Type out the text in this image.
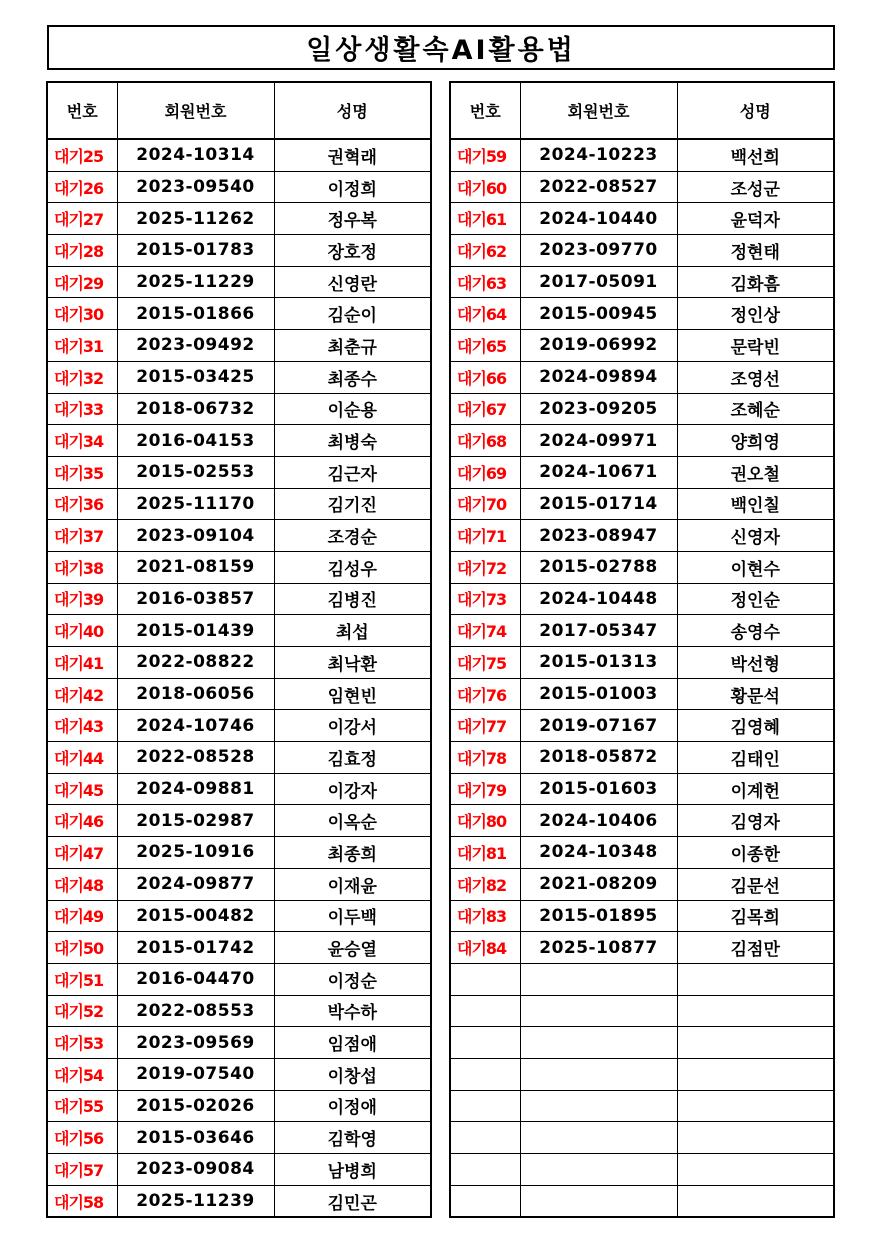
일상생활속AI활용법
번호	회원번호	성명
대기25	2024-10314	권혁래
대기26	2023-09540	이정희
대기27	2025-11262	정우복
대기28	2015-01783	장호정
대기29	2025-11229	신영란
대기30	2015-01866	김순이
대기31	2023-09492	최춘규
대기32	2015-03425	최종수
대기33	2018-06732	이순용
대기34	2016-04153	최병숙
대기35	2015-02553	김근자
대기36	2025-11170	김기진
대기37	2023-09104	조경순
대기38	2021-08159	김성우
대기39	2016-03857	김병진
대기40	2015-01439	최섭
대기41	2022-08822	최낙환
대기42	2018-06056	임현빈
대기43	2024-10746	이강서
대기44	2022-08528	김효정
대기45	2024-09881	이강자
대기46	2015-02987	이옥순
대기47	2025-10916	최종희
대기48	2024-09877	이재윤
대기49	2015-00482	이두백
대기50	2015-01742	윤승열
대기51	2016-04470	이정순
대기52	2022-08553	박수하
대기53	2023-09569	임점애
대기54	2019-07540	이창섭
대기55	2015-02026	이정애
대기56	2015-03646	김학영
대기57	2023-09084	남병희
대기58	2025-11239	김민곤
번호	회원번호	성명
대기59	2024-10223	백선희
대기60	2022-08527	조성군
대기61	2024-10440	윤덕자
대기62	2023-09770	정현태
대기63	2017-05091	김화흠
대기64	2015-00945	정인상
대기65	2019-06992	문락빈
대기66	2024-09894	조영선
대기67	2023-09205	조혜순
대기68	2024-09971	양희영
대기69	2024-10671	권오철
대기70	2015-01714	백인칠
대기71	2023-08947	신영자
대기72	2015-02788	이현수
대기73	2024-10448	정인순
대기74	2017-05347	송영수
대기75	2015-01313	박선형
대기76	2015-01003	황문석
대기77	2019-07167	김영혜
대기78	2018-05872	김태인
대기79	2015-01603	이계헌
대기80	2024-10406	김영자
대기81	2024-10348	이종한
대기82	2021-08209	김문선
대기83	2015-01895	김목희
대기84	2025-10877	김점만
